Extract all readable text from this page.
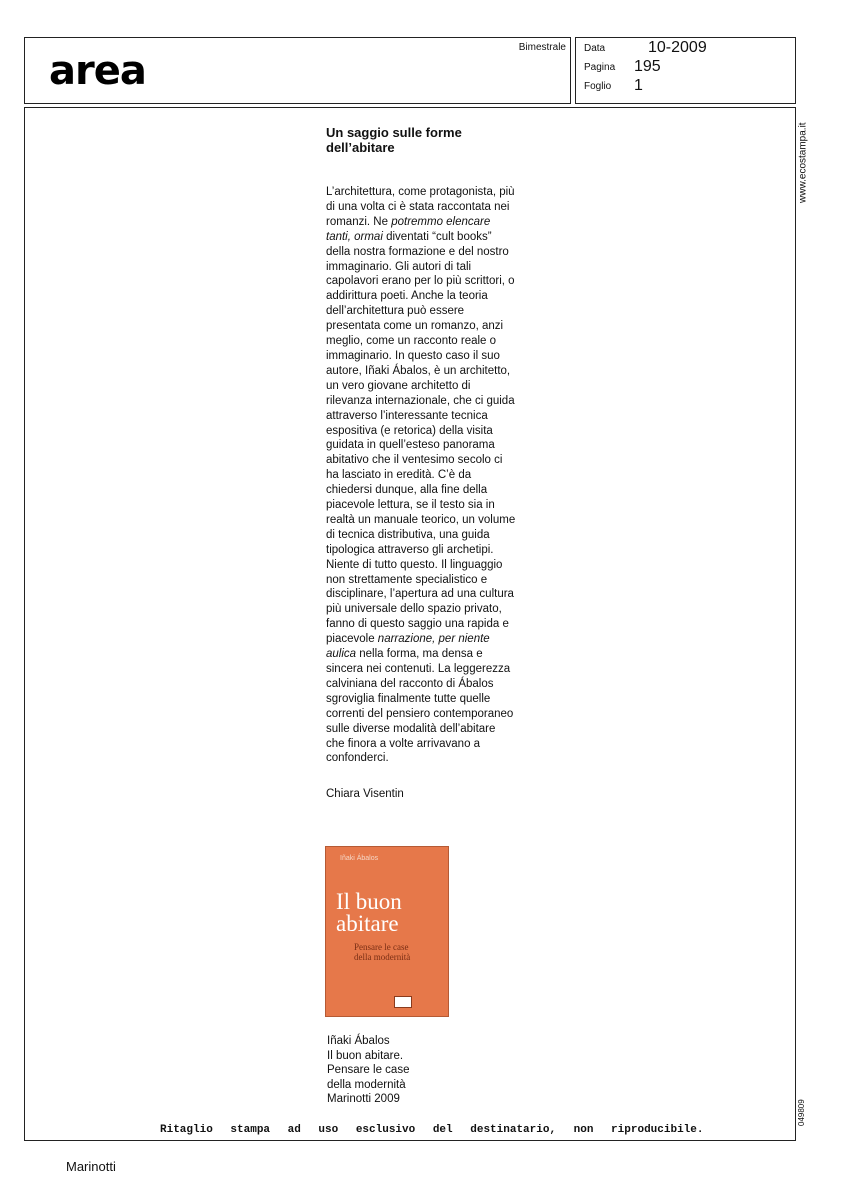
area
Bimestrale Data	10-2009
Pagina 195
Foglio 1
Un saggio sulle forme dell’abitare

L’architettura, come protagonista, più di una volta ci è stata raccontata nei romanzi. Ne potremmo elencare tanti, ormai diventati “cult books” della nostra formazione e del nostro immaginario. Gli autori di tali capolavori erano per lo più scrittori, o addirittura poeti. Anche la teoria dell’architettura può essere presentata come un romanzo, anzi meglio, come un racconto reale o immaginario. In questo caso il suo autore, Iñaki Ábalos, è un architetto, un vero giovane architetto di rilevanza internazionale, che ci guida attraverso l’interessante tecnica espositiva (e retorica) della visita guidata in quell’esteso panorama abitativo che il ventesimo secolo ci ha lasciato in eredità. C’è da chiedersi dunque, alla fine della piacevole lettura, se il testo sia in realtà un manuale teorico, un volume di tecnica distributiva, una guida tipologica attraverso gli archetipi. Niente di tutto questo. Il linguaggio non strettamente specialistico e disciplinare, l’apertura ad una cultura più universale dello spazio privato, fanno di questo saggio una rapida e piacevole narrazione, per niente aulica nella forma, ma densa e sincera nei contenuti. La leggerezza calviniana del racconto di Ábalos sgroviglia finalmente tutte quelle correnti del pensiero contemporaneo sulle diverse modalità dell’abitare che finora a volte arrivavano a confonderci.

Chiara Visentin
Iñaki Ábalos
Il buon
abitare
Pensare le case
della modernità
Iñaki Ábalos
Il buon abitare.
Pensare le case
della modernità
Marinotti 2009
www.ecostampa.it
049809
Ritaglio stampa ad uso esclusivo del destinatario, non riproducibile.
Marinotti
